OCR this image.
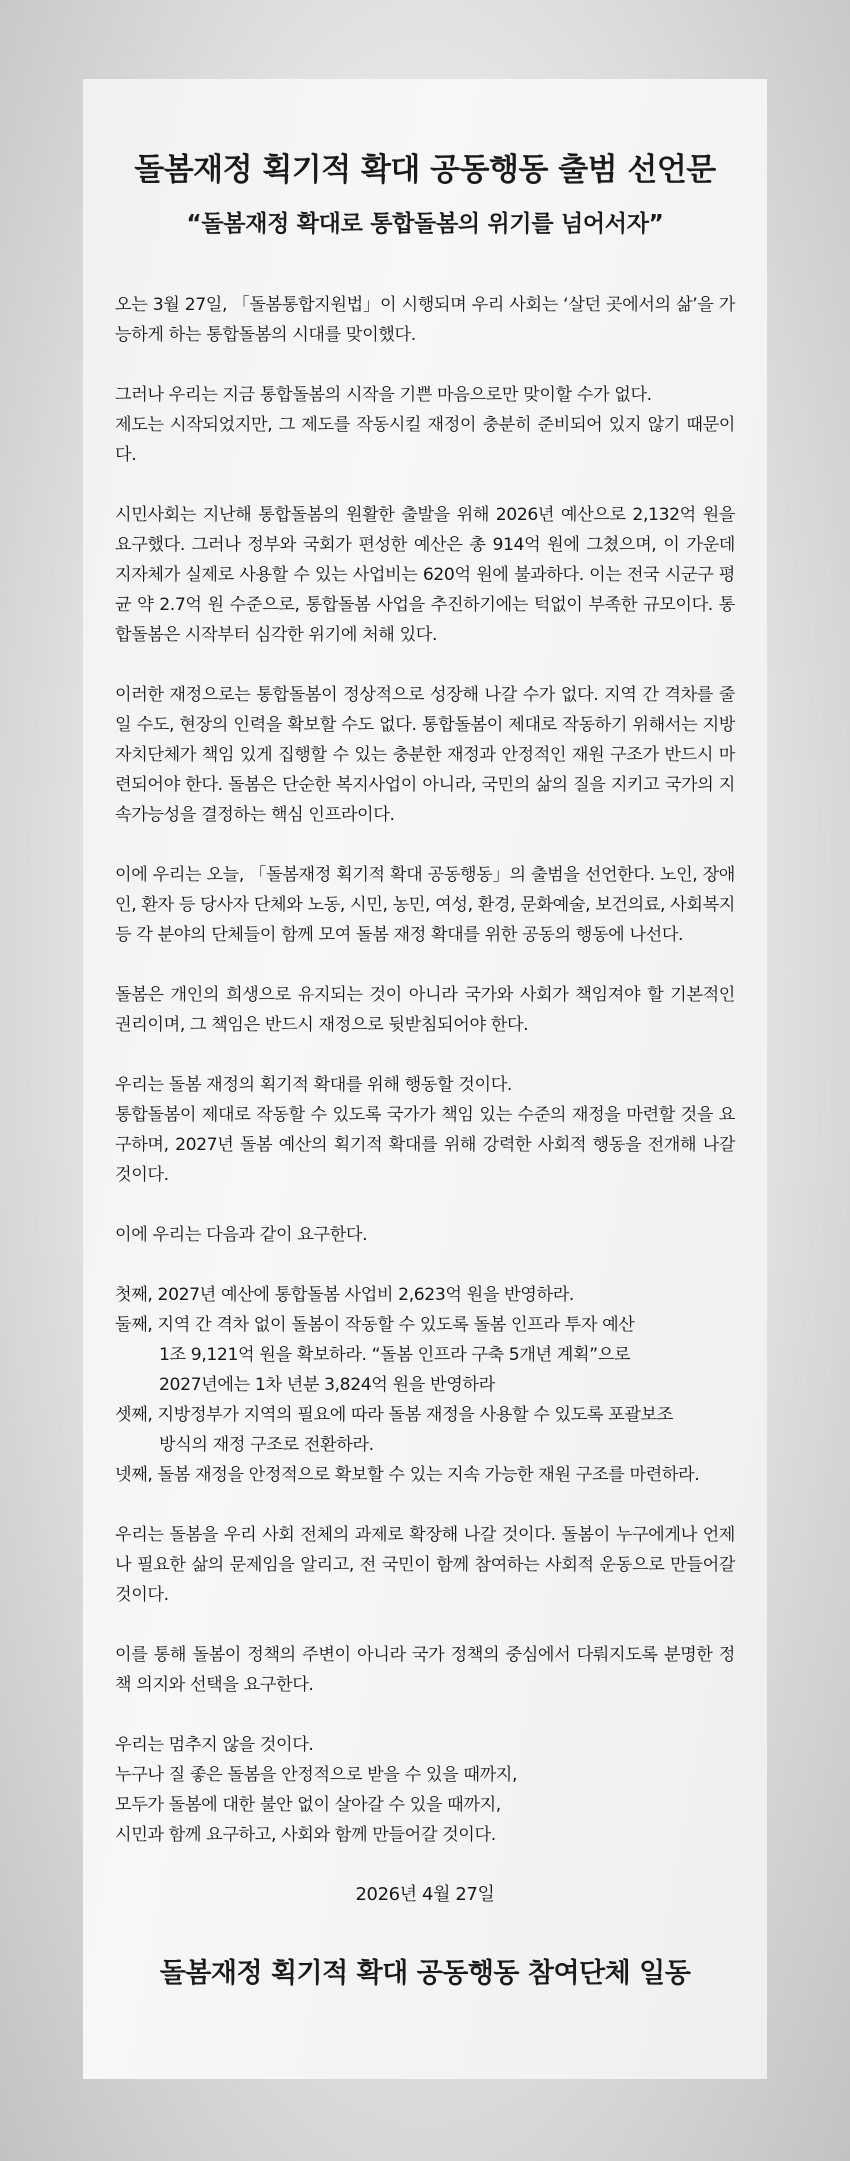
돌봄재정 획기적 확대 공동행동 출범 선언문
“돌봄재정 확대로 통합돌봄의 위기를 넘어서자”

오는 3월 27일, 「돌봄통합지원법」이 시행되며 우리 사회는 ‘살던 곳에서의 삶’을 가능하게 하는 통합돌봄의 시대를 맞이했다.

그러나 우리는 지금 통합돌봄의 시작을 기쁜 마음으로만 맞이할 수가 없다.

제도는 시작되었지만, 그 제도를 작동시킬 재정이 충분히 준비되어 있지 않기 때문이다.

시민사회는 지난해 통합돌봄의 원활한 출발을 위해 2026년 예산으로 2,132억 원을 요구했다. 그러나 정부와 국회가 편성한 예산은 총 914억 원에 그쳤으며, 이 가운데 지자체가 실제로 사용할 수 있는 사업비는 620억 원에 불과하다. 이는 전국 시군구 평균 약 2.7억 원 수준으로, 통합돌봄 사업을 추진하기에는 턱없이 부족한 규모이다. 통합돌봄은 시작부터 심각한 위기에 처해 있다.

이러한 재정으로는 통합돌봄이 정상적으로 성장해 나갈 수가 없다. 지역 간 격차를 줄일 수도, 현장의 인력을 확보할 수도 없다. 통합돌봄이 제대로 작동하기 위해서는 지방자치단체가 책임 있게 집행할 수 있는 충분한 재정과 안정적인 재원 구조가 반드시 마련되어야 한다. 돌봄은 단순한 복지사업이 아니라, 국민의 삶의 질을 지키고 국가의 지속가능성을 결정하는 핵심 인프라이다.

이에 우리는 오늘, 「돌봄재정 획기적 확대 공동행동」의 출범을 선언한다. 노인, 장애인, 환자 등 당사자 단체와 노동, 시민, 농민, 여성, 환경, 문화예술, 보건의료, 사회복지 등 각 분야의 단체들이 함께 모여 돌봄 재정 확대를 위한 공동의 행동에 나선다.

돌봄은 개인의 희생으로 유지되는 것이 아니라 국가와 사회가 책임져야 할 기본적인 권리이며, 그 책임은 반드시 재정으로 뒷받침되어야 한다.

우리는 돌봄 재정의 획기적 확대를 위해 행동할 것이다.

통합돌봄이 제대로 작동할 수 있도록 국가가 책임 있는 수준의 재정을 마련할 것을 요구하며, 2027년 돌봄 예산의 획기적 확대를 위해 강력한 사회적 행동을 전개해 나갈 것이다.

이에 우리는 다음과 같이 요구한다.

첫째, 2027년 예산에 통합돌봄 사업비 2,623억 원을 반영하라.
둘째, 지역 간 격차 없이 돌봄이 작동할 수 있도록 돌봄 인프라 투자 예산
1조 9,121억 원을 확보하라. “돌봄 인프라 구축 5개년 계획”으로
2027년에는 1차 년분 3,824억 원을 반영하라
셋째, 지방정부가 지역의 필요에 따라 돌봄 재정을 사용할 수 있도록 포괄보조
방식의 재정 구조로 전환하라.
넷째, 돌봄 재정을 안정적으로 확보할 수 있는 지속 가능한 재원 구조를 마련하라.

우리는 돌봄을 우리 사회 전체의 과제로 확장해 나갈 것이다. 돌봄이 누구에게나 언제나 필요한 삶의 문제임을 알리고, 전 국민이 함께 참여하는 사회적 운동으로 만들어갈 것이다.

이를 통해 돌봄이 정책의 주변이 아니라 국가 정책의 중심에서 다뤄지도록 분명한 정책 의지와 선택을 요구한다.

우리는 멈추지 않을 것이다.

누구나 질 좋은 돌봄을 안정적으로 받을 수 있을 때까지,

모두가 돌봄에 대한 불안 없이 살아갈 수 있을 때까지,

시민과 함께 요구하고, 사회와 함께 만들어갈 것이다.

2026년 4월 27일
돌봄재정 획기적 확대 공동행동 참여단체 일동
